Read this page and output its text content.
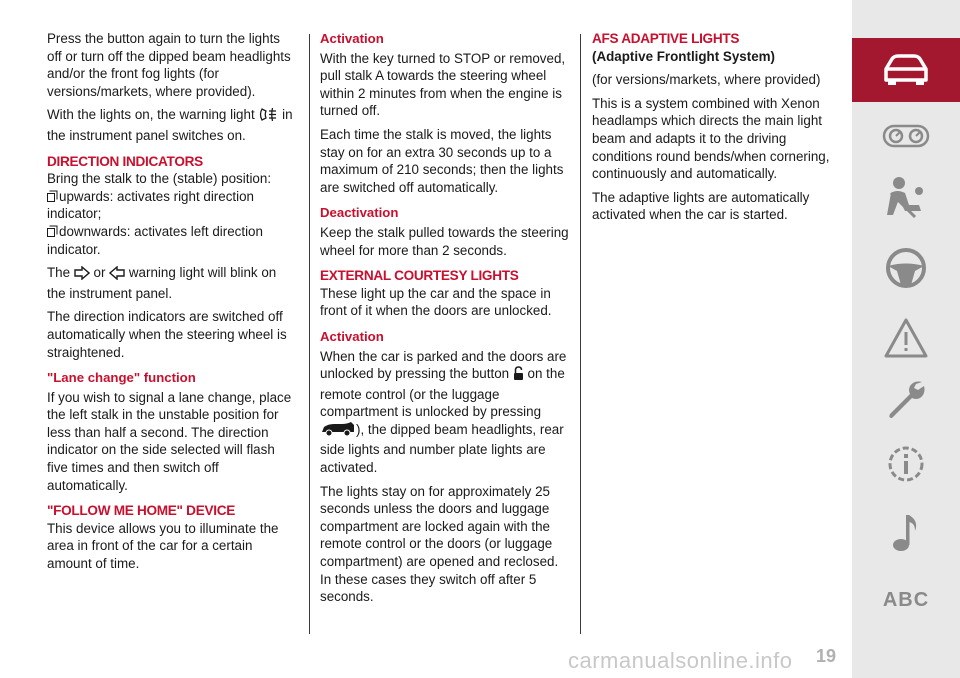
Press the button again to turn the lights off or turn off the dipped beam headlights and/or the front fog lights (for versions/markets, where provided).

With the lights on, the warning light  in the instrument panel switches on.

DIRECTION INDICATORS

Bring the stalk to the (stable) position:

upwards: activates right direction indicator;

downwards: activates left direction indicator.

The  or  warning light will blink on the instrument panel.

The direction indicators are switched off automatically when the steering wheel is straightened.

"Lane change" function

If you wish to signal a lane change, place the left stalk in the unstable position for less than half a second. The direction indicator on the side selected will flash five times and then switch off automatically.

"FOLLOW ME HOME" DEVICE

This device allows you to illuminate the area in front of the car for a certain amount of time.

Activation

With the key turned to STOP or removed, pull stalk A towards the steering wheel within 2 minutes from when the engine is turned off.

Each time the stalk is moved, the lights stay on for an extra 30 seconds up to a maximum of 210 seconds; then the lights are switched off automatically.

Deactivation

Keep the stalk pulled towards the steering wheel for more than 2 seconds.

EXTERNAL COURTESY LIGHTS

These light up the car and the space in front of it when the doors are unlocked.

Activation

When the car is parked and the doors are unlocked by pressing the button  on the remote control (or the luggage compartment is unlocked by pressing
), the dipped beam headlights, rear side lights and number plate lights are activated.

The lights stay on for approximately 25 seconds unless the doors and luggage compartment are locked again with the remote control or the doors (or luggage compartment) are opened and reclosed. In these cases they switch off after 5 seconds.

AFS ADAPTIVE LIGHTS
(Adaptive Frontlight System)

(for versions/markets, where provided)

This is a system combined with Xenon headlamps which directs the main light beam and adapts it to the driving conditions round bends/when cornering, continuously and automatically.

The adaptive lights are automatically activated when the car is started.

ABC
carmanualsonline.info 19
